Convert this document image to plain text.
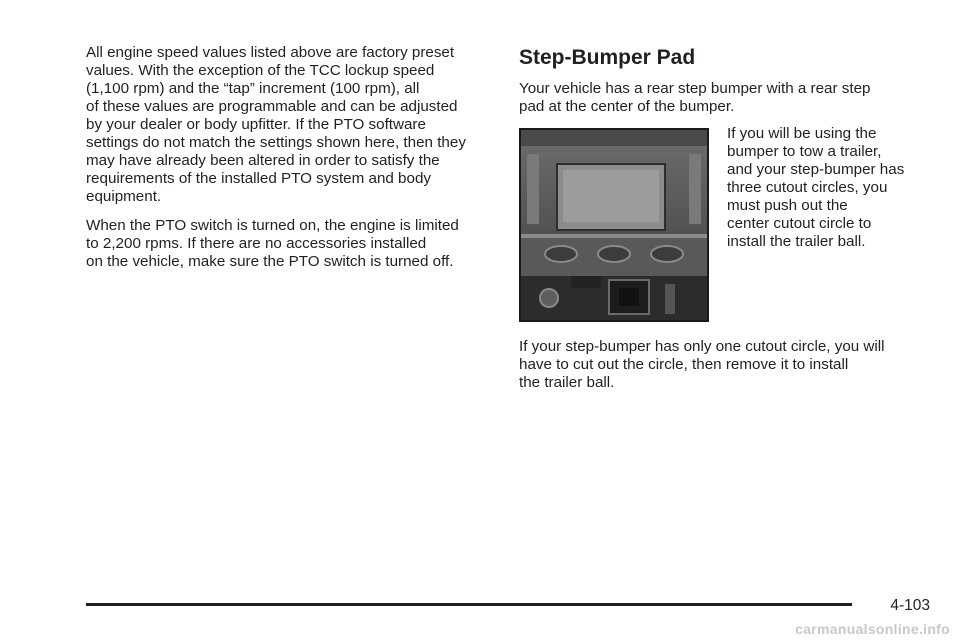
All engine speed values listed above are factory preset
values. With the exception of the TCC lockup speed
(1,100 rpm) and the “tap” increment (100 rpm), all
of these values are programmable and can be adjusted
by your dealer or body upfitter. If the PTO software
settings do not match the settings shown here, then they
may have already been altered in order to satisfy the
requirements of the installed PTO system and body
equipment.

When the PTO switch is turned on, the engine is limited
to 2,200 rpms. If there are no accessories installed
on the vehicle, make sure the PTO switch is turned off.

Step-Bumper Pad

Your vehicle has a rear step bumper with a rear step
pad at the center of the bumper.

If you will be using the
bumper to tow a trailer,
and your step-bumper has
three cutout circles, you
must push out the
center cutout circle to
install the trailer ball.

If your step-bumper has only one cutout circle, you will
have to cut out the circle, then remove it to install
the trailer ball.

4-103
carmanualsonline.info
